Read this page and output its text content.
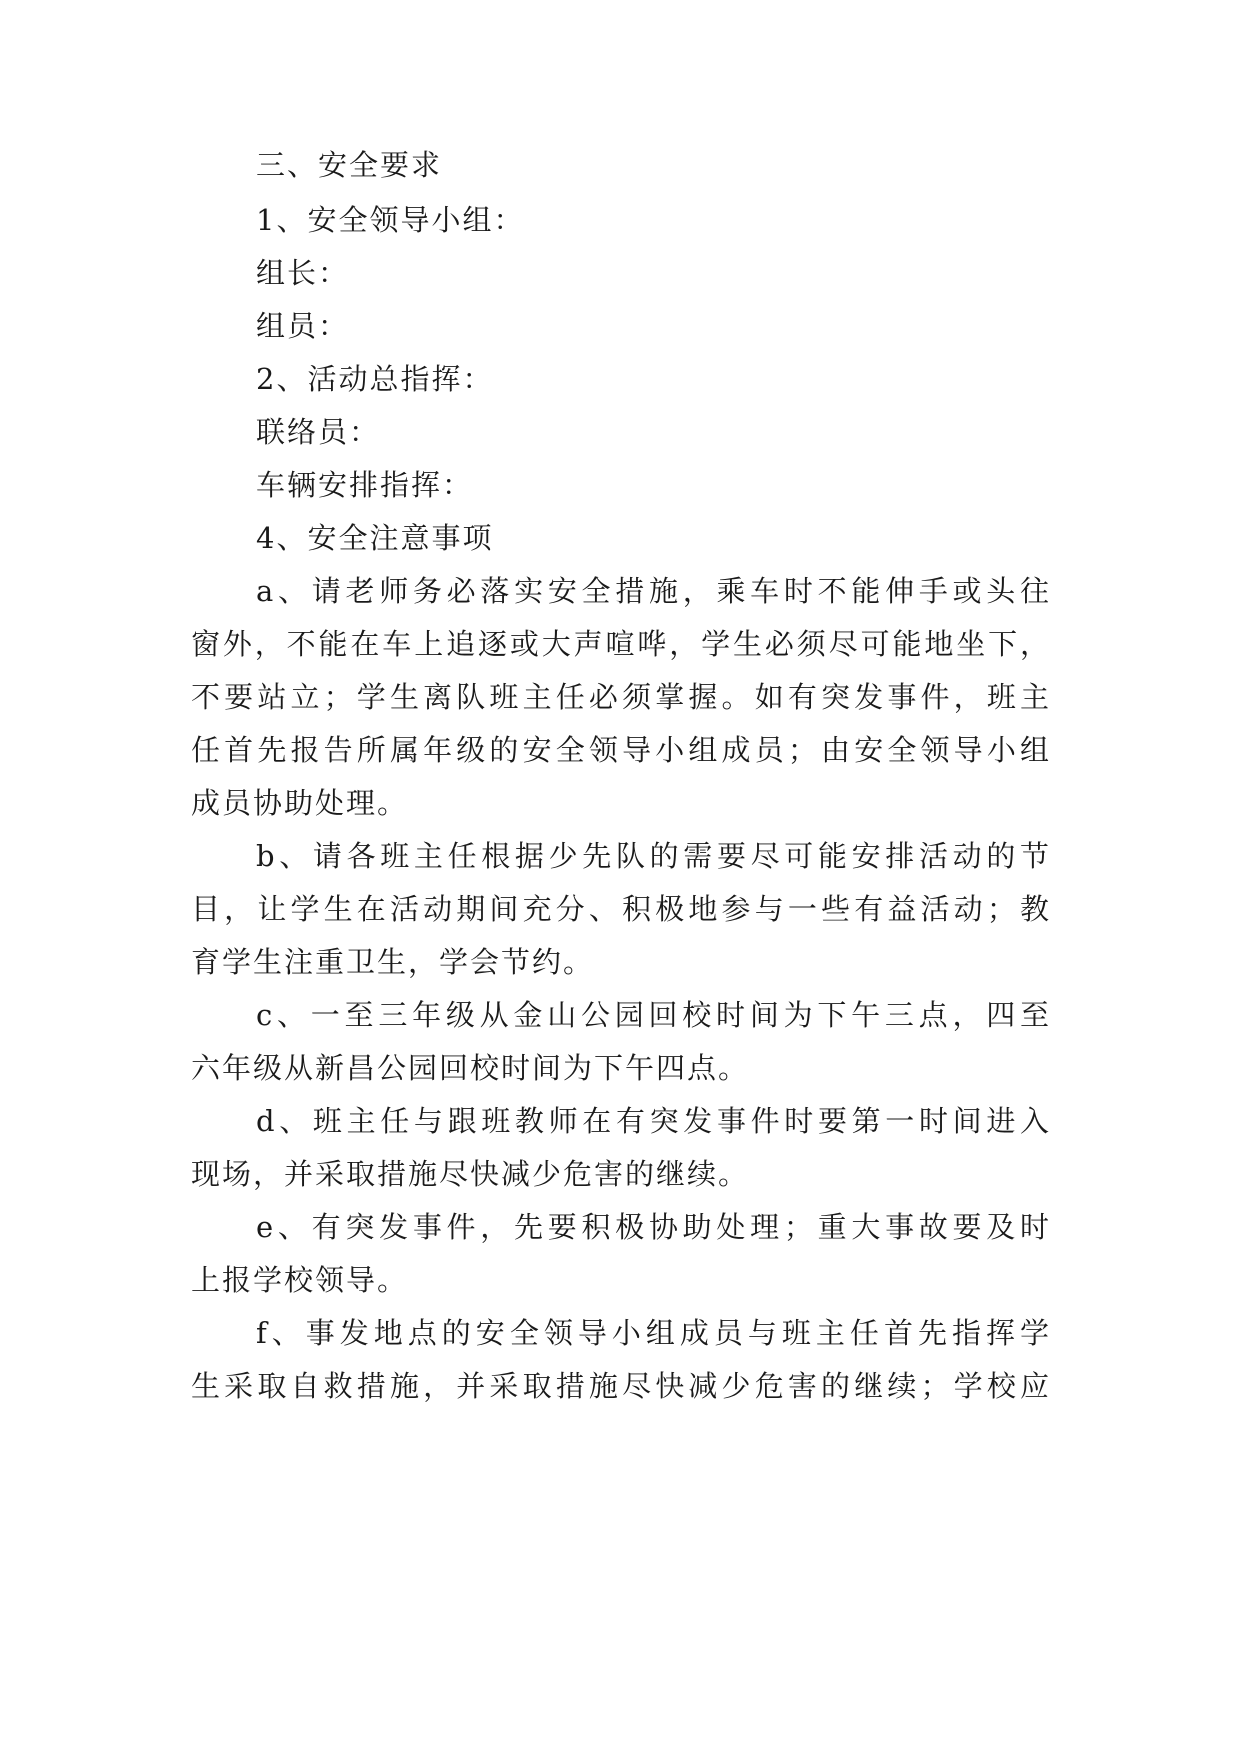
三、安全要求
1、安全领导小组：
组长：
组员：
2、活动总指挥：
联络员：
车辆安排指挥：
4、安全注意事项
a、请老师务必落实安全措施，乘车时不能伸手或头往
窗外，不能在车上追逐或大声喧哗，学生必须尽可能地坐下，
不要站立；学生离队班主任必须掌握。如有突发事件，班主
任首先报告所属年级的安全领导小组成员；由安全领导小组
成员协助处理。
b、请各班主任根据少先队的需要尽可能安排活动的节
目，让学生在活动期间充分、积极地参与一些有益活动；教
育学生注重卫生，学会节约。
c、一至三年级从金山公园回校时间为下午三点，四至
六年级从新昌公园回校时间为下午四点。
d、班主任与跟班教师在有突发事件时要第一时间进入
现场，并采取措施尽快减少危害的继续。
e、有突发事件，先要积极协助处理；重大事故要及时
上报学校领导。
f、事发地点的安全领导小组成员与班主任首先指挥学
生采取自救措施，并采取措施尽快减少危害的继续；学校应
